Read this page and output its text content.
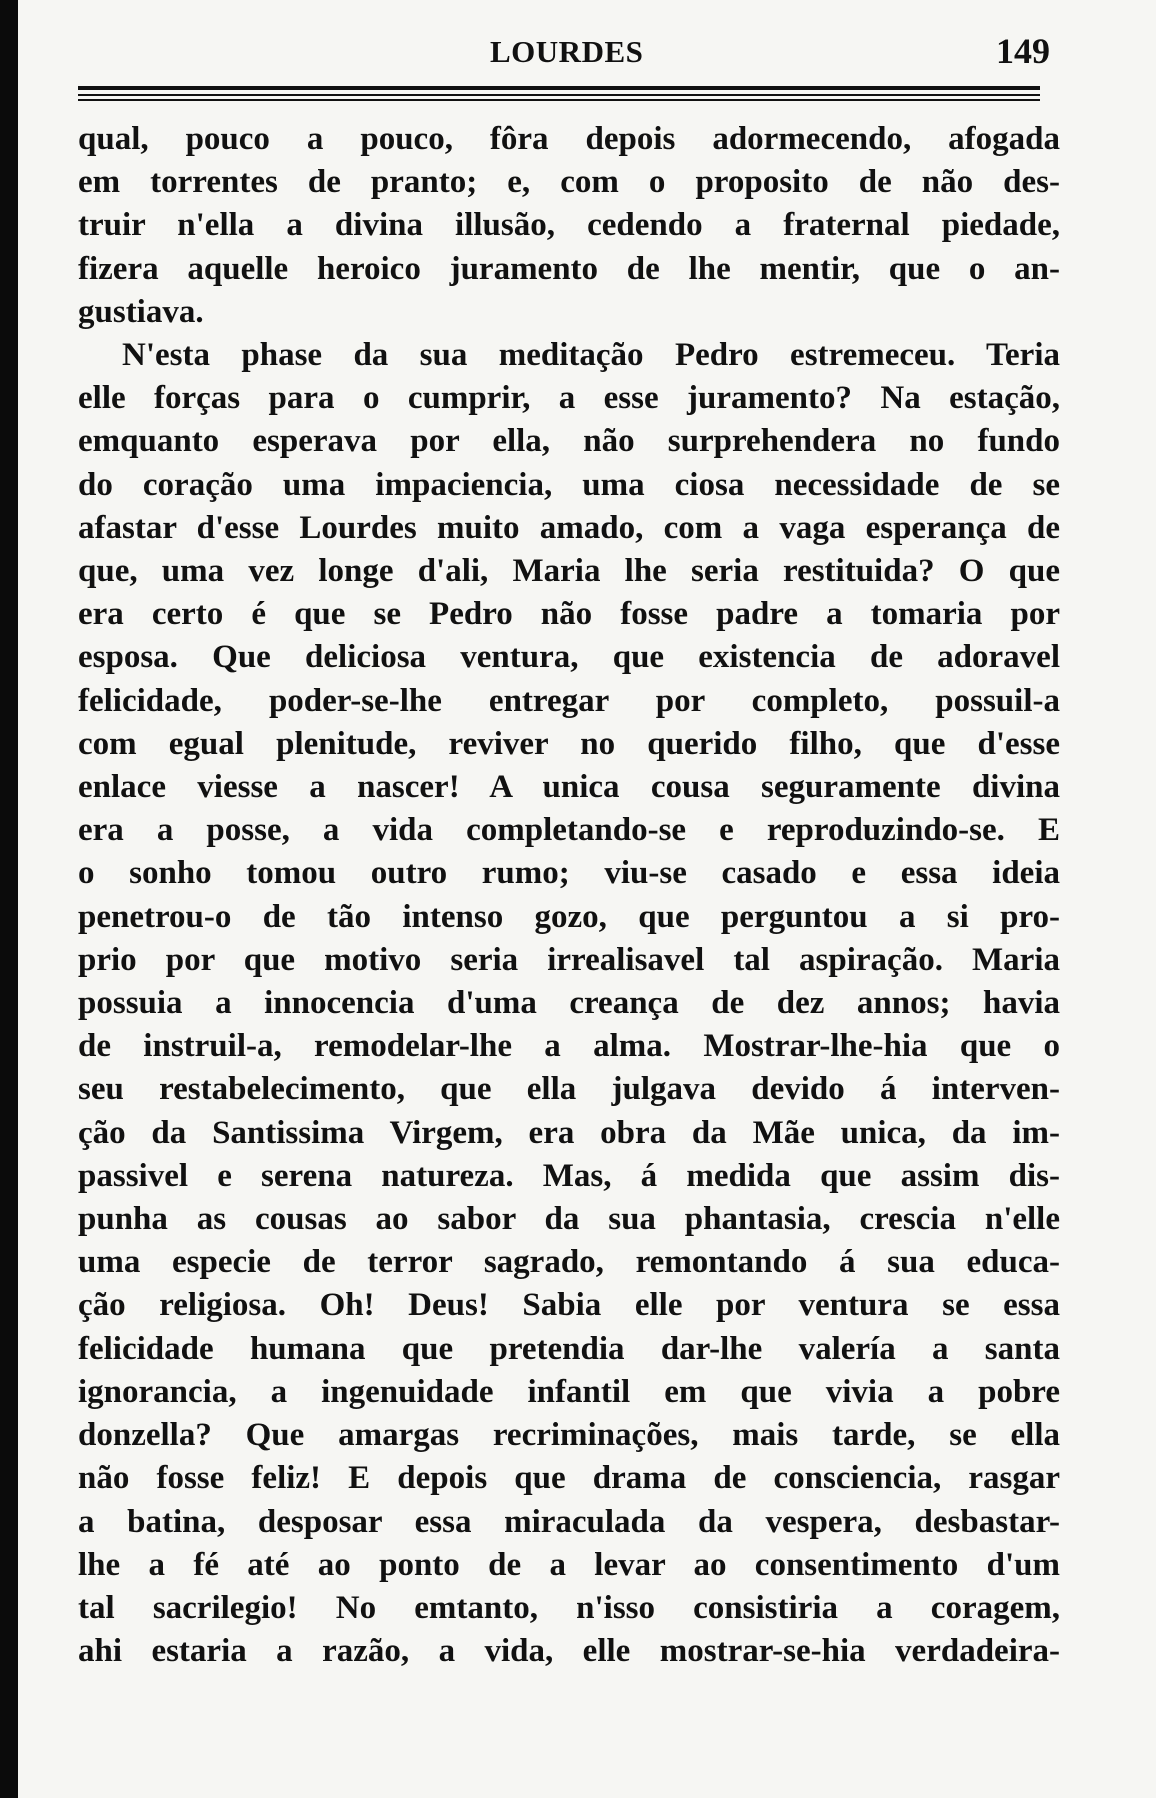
LOURDES	149

qual, pouco a pouco, fôra depois adormecendo, afogada
em torrentes de pranto; e, com o proposito de não des-
truir n'ella a divina illusão, cedendo a fraternal piedade,
fizera aquelle heroico juramento de lhe mentir, que o an-
gustiava.

N'esta phase da sua meditação Pedro estremeceu. Teria
elle forças para o cumprir, a esse juramento? Na estação,
emquanto esperava por ella, não surprehendera no fundo
do coração uma impaciencia, uma ciosa necessidade de se
afastar d'esse Lourdes muito amado, com a vaga esperança de
que, uma vez longe d'ali, Maria lhe seria restituida? O que
era certo é que se Pedro não fosse padre a tomaria por
esposa. Que deliciosa ventura, que existencia de adoravel
felicidade, poder-se-lhe entregar por completo, possuil-a
com egual plenitude, reviver no querido filho, que d'esse
enlace viesse a nascer! A unica cousa seguramente divina
era a posse, a vida completando-se e reproduzindo-se. E
o sonho tomou outro rumo; viu-se casado e essa ideia
penetrou-o de tão intenso gozo, que perguntou a si pro-
prio por que motivo seria irrealisavel tal aspiração. Maria
possuia a innocencia d'uma creança de dez annos; havia
de instruil-a, remodelar-lhe a alma. Mostrar-lhe-hia que o
seu restabelecimento, que ella julgava devido á interven-
ção da Santissima Virgem, era obra da Mãe unica, da im-
passivel e serena natureza. Mas, á medida que assim dis-
punha as cousas ao sabor da sua phantasia, crescia n'elle
uma especie de terror sagrado, remontando á sua educa-
ção religiosa. Oh! Deus! Sabia elle por ventura se essa
felicidade humana que pretendia dar-lhe valería a santa
ignorancia, a ingenuidade infantil em que vivia a pobre
donzella? Que amargas recriminações, mais tarde, se ella
não fosse feliz! E depois que drama de consciencia, rasgar
a batina, desposar essa miraculada da vespera, desbastar-
lhe a fé até ao ponto de a levar ao consentimento d'um
tal sacrilegio! No emtanto, n'isso consistiria a coragem,
ahi estaria a razão, a vida, elle mostrar-se-hia verdadeira-
